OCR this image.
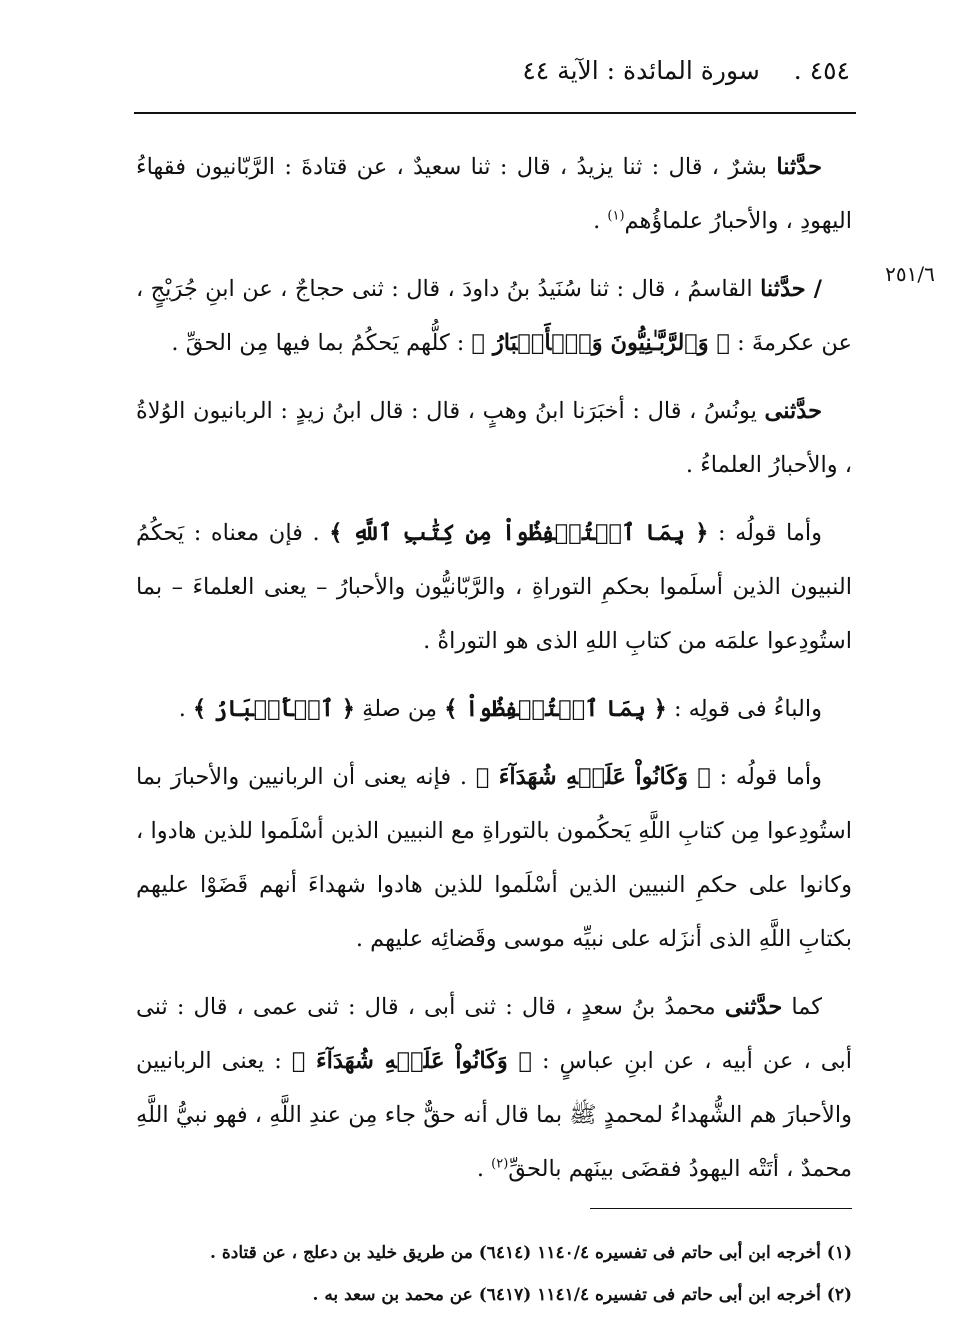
٤٥٤ . سورة المائدة : الآية ٤٤
٢٥١/٦

حدَّثنا بشرٌ ، قال : ثنا يزيدُ ، قال : ثنا سعيدٌ ، عن قتادةَ : الرَّبّانيون فقهاءُ اليهودِ ، والأحبارُ علماؤُهم$^{(١)}$ .

/ حدَّثنا القاسمُ ، قال : ثنا سُنَيدُ بنُ داودَ ، قال : ثنى حجاجٌ ، عن ابنِ جُرَيْجٍ ، عن عكرمةَ : ﴿ وَٱلرَّبَّـٰنِيُّونَ وَٱلۡأَحۡبَارُ ﴾ : كلُّهم يَحكُمُ بما فيها مِن الحقِّ .

حدَّثنى يونُسُ ، قال : أخبَرَنا ابنُ وهبٍ ، قال : قال ابنُ زيدٍ : الربانيون الوُلاةُ ، والأحبارُ العلماءُ .

وأما قولُه : ﴿ بِمَا ٱسۡتُحۡفِظُواْ مِن كِتَٰبِ ٱللَّهِ ﴾ . فإن معناه : يَحكُمُ النبيون الذين أسلَموا بحكمِ التوراةِ ، والرَّبّانيُّون والأحبارُ – يعنى العلماءَ – بما استُودِعوا علمَه من كتابِ اللهِ الذى هو التوراةُ .

والباءُ فى قولِه : ﴿ بِمَا ٱسۡتُحۡفِظُواْ ﴾ مِن صلةِ ﴿ ٱلۡأَحۡبَارُ ﴾ .

وأما قولُه : ﴿ وَكَانُواْ عَلَيۡهِ شُهَدَآءَ ﴾ . فإنه يعنى أن الربانيين والأحبارَ بما استُودِعوا مِن كتابِ اللَّهِ يَحكُمون بالتوراةِ مع النبيين الذين أسْلَموا للذين هادوا ، وكانوا على حكمِ النبيين الذين أسْلَموا للذين هادوا شهداءَ أنهم قَضَوْا عليهم بكتابِ اللَّهِ الذى أنزَله على نبيِّه موسى وقَضائِه عليهم .

كما حدَّثنى محمدُ بنُ سعدٍ ، قال : ثنى أبى ، قال : ثنى عمى ، قال : ثنى أبى ، عن أبيه ، عن ابنِ عباسٍ : ﴿ وَكَانُواْ عَلَيۡهِ شُهَدَآءَ ﴾ : يعنى الربانيين والأحبارَ هم الشُّهداءُ لمحمدٍ ﷺ بما قال أنه حقٌّ جاء مِن عندِ اللَّهِ ، فهو نبيُّ اللَّهِ محمدٌ ، أتَتْه اليهودُ فقضَى بينَهم بالحقِّ$^{(٢)}$ .

(١) أخرجه ابن أبى حاتم فى تفسيره ١١٤٠/٤ (٦٤١٤) من طريق خليد بن دعلج ، عن قتادة .

(٢) أخرجه ابن أبى حاتم فى تفسيره ١١٤١/٤ (٦٤١٧) عن محمد بن سعد به .
